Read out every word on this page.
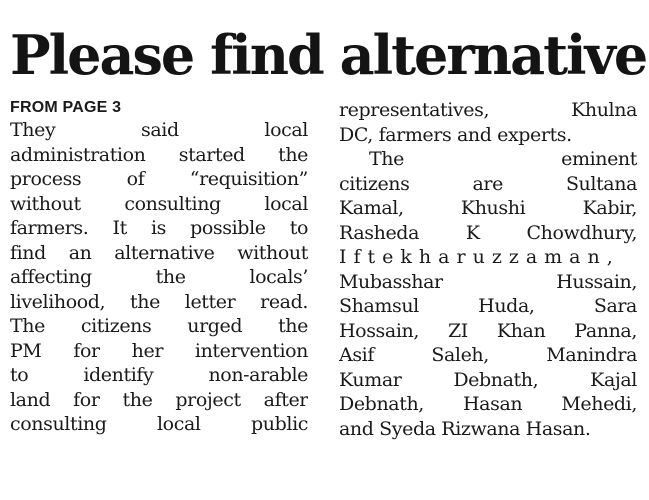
Please find alternative
FROM PAGE 3
They said local
administration started the
process of “requisition”
without consulting local
farmers. It is possible to
find an alternative without
affecting the locals’
livelihood, the letter read.
The citizens urged the
PM for her intervention
to identify non-arable
land for the project after
consulting local public
representatives, Khulna
DC, farmers and experts.
The eminent
citizens are Sultana
Kamal, Khushi Kabir,
Rasheda K Chowdhury,
Iftekharuzzaman,
Mubasshar Hussain,
Shamsul Huda, Sara
Hossain, ZI Khan Panna,
Asif Saleh, Manindra
Kumar Debnath, Kajal
Debnath, Hasan Mehedi,
and Syeda Rizwana Hasan.
